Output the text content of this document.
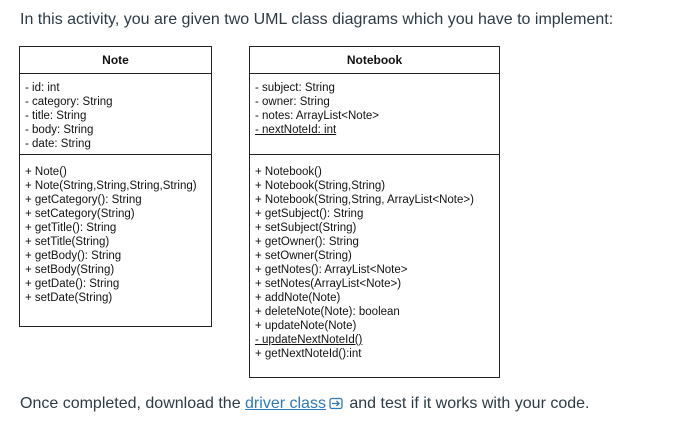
In this activity, you are given two UML class diagrams which you have to implement:
Note
- id: int
- category: String
- title: String
- body: String
- date: String
+ Note()
+ Note(String,String,String,String)
+ getCategory(): String
+ setCategory(String)
+ getTitle(): String
+ setTitle(String)
+ getBody(): String
+ setBody(String)
+ getDate(): String
+ setDate(String)
Notebook
- subject: String
- owner: String
- notes: ArrayList<Note>
- nextNoteId: int
+ Notebook()
+ Notebook(String,String)
+ Notebook(String,String, ArrayList<Note>)
+ getSubject(): String
+ setSubject(String)
+ getOwner(): String
+ setOwner(String)
+ getNotes(): ArrayList<Note>
+ setNotes(ArrayList<Note>)
+ addNote(Note)
+ deleteNote(Note): boolean
+ updateNote(Note)
- updateNextNoteId()
+ getNextNoteId():int
Once completed, download the driver class and test if it works with your code.
